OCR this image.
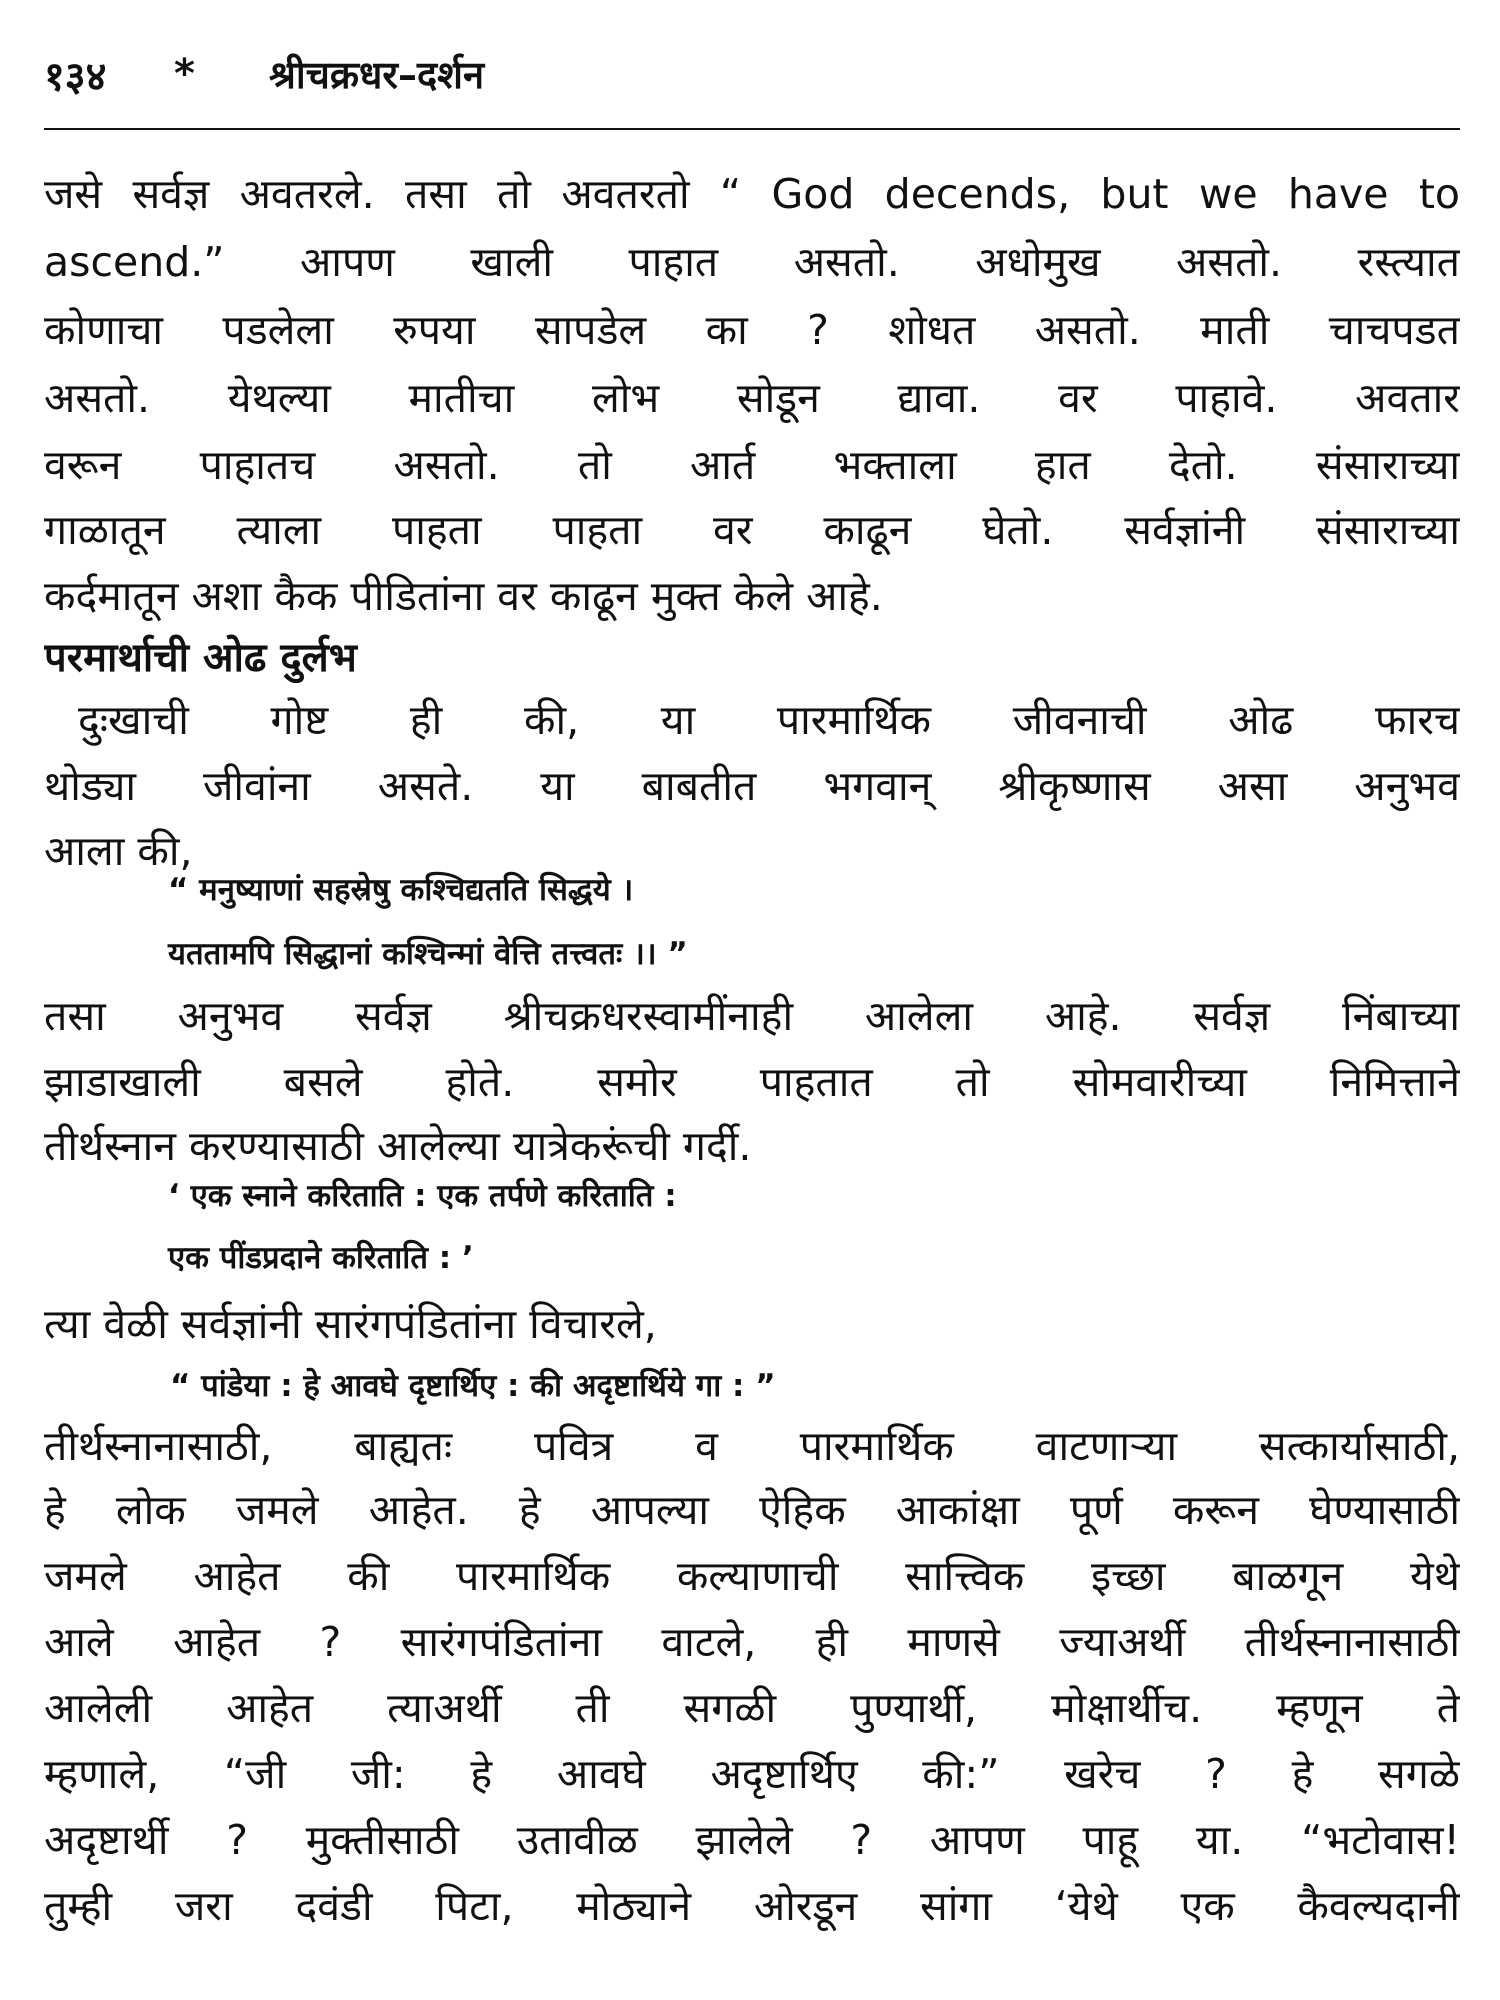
१३४	*	श्रीचक्रधर–दर्शन
जसे सर्वज्ञ अवतरले. तसा तो अवतरतो “ God decends, but we have to
ascend.” आपण खाली पाहात असतो. अधोमुख असतो. रस्त्यात
कोणाचा पडलेला रुपया सापडेल का ? शोधत असतो. माती चाचपडत
असतो. येथल्या मातीचा लोभ सोडून द्यावा. वर पाहावे. अवतार
वरून पाहातच असतो. तो आर्त भक्ताला हात देतो. संसाराच्या
गाळातून त्याला पाहता पाहता वर काढून घेतो. सर्वज्ञांनी संसाराच्या
कर्दमातून अशा कैक पीडितांना वर काढून मुक्त केले आहे.
परमार्थाची ओढ दुर्लभ
दुःखाची गोष्ट ही की, या पारमार्थिक जीवनाची ओढ फारच
थोड्या जीवांना असते. या बाबतीत भगवान् श्रीकृष्णास असा अनुभव
आला की,
“ मनुष्याणां सहस्रेषु कश्चिद्यतति सिद्धये ।
यततामपि सिद्धानां कश्चिन्मां वेत्ति तत्त्वतः ।। ”
तसा अनुभव सर्वज्ञ श्रीचक्रधरस्वामींनाही आलेला आहे. सर्वज्ञ निंबाच्या
झाडाखाली बसले होते. समोर पाहतात तो सोमवारीच्या निमित्ताने
तीर्थस्नान करण्यासाठी आलेल्या यात्रेकरूंची गर्दी.
‘ एक स्नाने करिताति : एक तर्पणे करिताति :
एक पींडप्रदाने करिताति : ’
त्या वेळी सर्वज्ञांनी सारंगपंडितांना विचारले,
“ पांडेया : हे आवघे दृष्टार्थिए : की अदृष्टार्थिये गा : ”
तीर्थस्नानासाठी, बाह्यतः पवित्र व पारमार्थिक वाटणाऱ्या सत्कार्यासाठी,
हे लोक जमले आहेत. हे आपल्या ऐहिक आकांक्षा पूर्ण करून घेण्यासाठी
जमले आहेत की पारमार्थिक कल्याणाची सात्त्विक इच्छा बाळगून येथे
आले आहेत ? सारंगपंडितांना वाटले, ही माणसे ज्याअर्थी तीर्थस्नानासाठी
आलेली आहेत त्याअर्थी ती सगळी पुण्यार्थी, मोक्षार्थीच. म्हणून ते
म्हणाले, “जी जी: हे आवघे अदृष्टार्थिए की:” खरेच ? हे सगळे
अदृष्टार्थी ? मुक्तीसाठी उतावीळ झालेले ? आपण पाहू या. “भटोवास!
तुम्ही जरा दवंडी पिटा, मोठ्याने ओरडून सांगा ‘येथे एक कैवल्यदानी
